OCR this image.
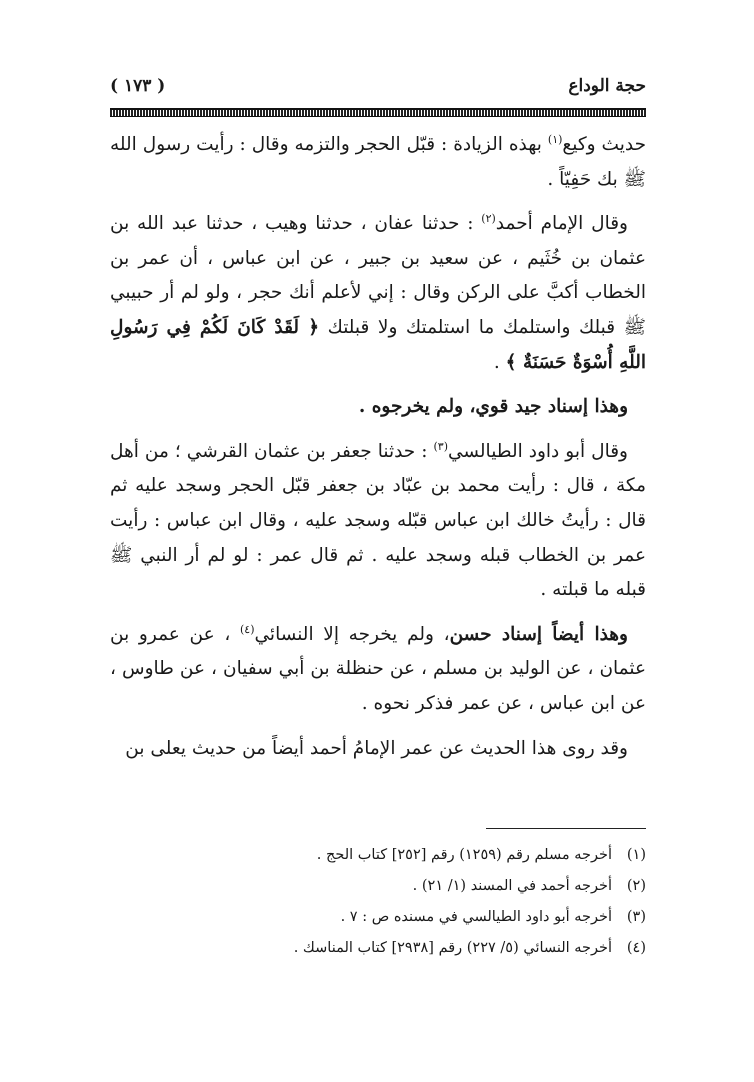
حجة الوداع
( ١٧٣ )

حديث وكيع$^{(١)}$ بهذه الزيادة : قبّل الحجر والتزمه وقال : رأيت رسول الله ﷺ بك حَفِيّاً .

وقال الإمام أحمد$^{(٢)}$ : حدثنا عفان ، حدثنا وهيب ، حدثنا عبد الله بن عثمان بن خُثَيم ، عن سعيد بن جبير ، عن ابن عباس ، أن عمر بن الخطاب أكبَّ على الركن وقال : إني لأعلم أنك حجر ، ولو لم أر حبيبي ﷺ قبلك واستلمك ما استلمتك ولا قبلتك ﴿ لَقَدْ كَانَ لَكُمْ فِي رَسُولِ اللَّهِ أُسْوَةٌ حَسَنَةٌ ﴾ .

وهذا إسناد جيد قوي، ولم يخرجوه .

وقال أبو داود الطيالسي$^{(٣)}$ : حدثنا جعفر بن عثمان القرشي ؛ من أهل مكة ، قال : رأيت محمد بن عبّاد بن جعفر قبّل الحجر وسجد عليه ثم قال : رأيتُ خالك ابن عباس قبّله وسجد عليه ، وقال ابن عباس : رأيت عمر بن الخطاب قبله وسجد عليه . ثم قال عمر : لو لم أر النبي ﷺ قبله ما قبلته .

وهذا أيضاً إسناد حسن، ولم يخرجه إلا النسائي$^{(٤)}$ ، عن عمرو بن عثمان ، عن الوليد بن مسلم ، عن حنظلة بن أبي سفيان ، عن طاوس ، عن ابن عباس ، عن عمر فذكر نحوه .

وقد روى هذا الحديث عن عمر الإمامُ أحمد أيضاً من حديث يعلى بن

(١)أخرجه مسلم رقم (١٢٥٩) رقم [٢٥٢] كتاب الحج .
(٢)أخرجه أحمد في المسند (١/ ٢١) .
(٣)أخرجه أبو داود الطيالسي في مسنده ص : ٧ .
(٤)أخرجه النسائي (٥/ ٢٢٧) رقم [٢٩٣٨] كتاب المناسك .
